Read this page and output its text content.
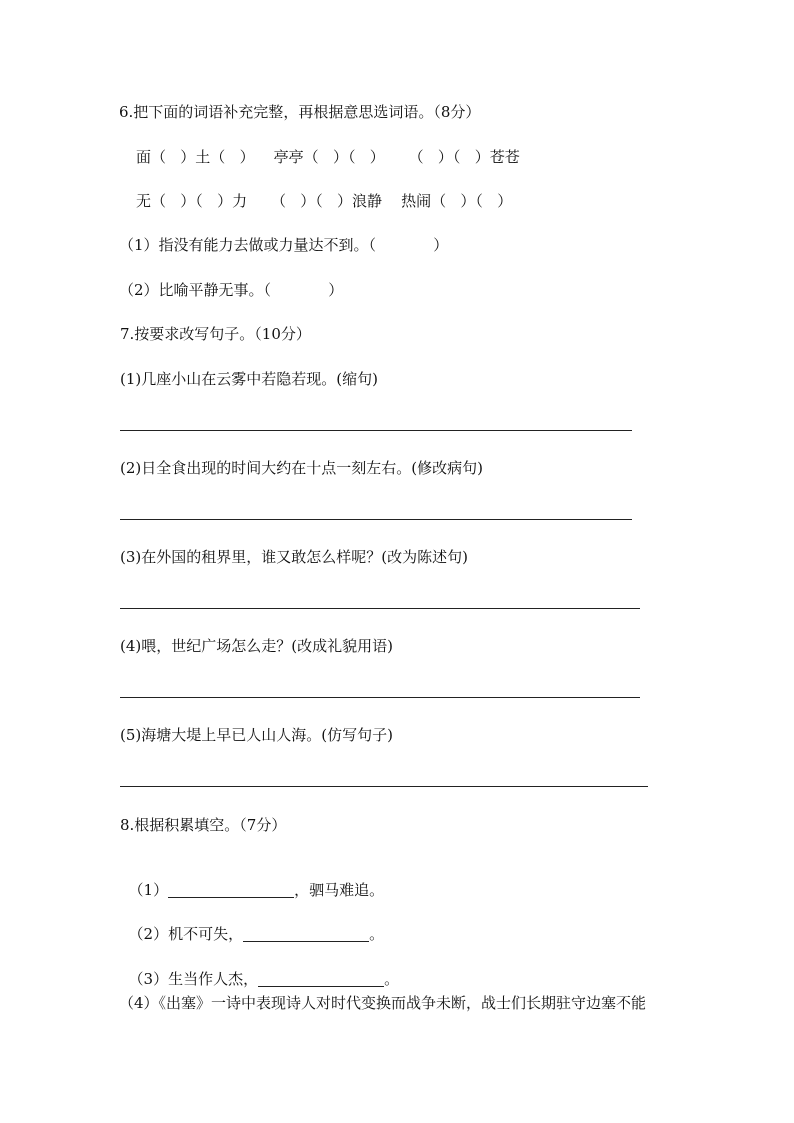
6.把下面的词语补充完整，再根据意思选词语。（8分）
面（   ）土（   ）    亭亭（   ）（   ）     （   ）（   ）苍苍
无（   ）（   ）力     （   ）（   ）浪静    热闹（   ）（   ）
（1）指没有能力去做或力量达不到。（            ）
（2）比喻平静无事。（            ）
7.按要求改写句子。（10分）
(1)几座小山在云雾中若隐若现。(缩句)
(2)日全食出现的时间大约在十点一刻左右。(修改病句)
(3)在外国的租界里，谁又敢怎么样呢？(改为陈述句)
(4)喂，世纪广场怎么走？(改成礼貌用语)
(5)海塘大堤上早已人山人海。(仿写句子)
8.根据积累填空。（7分）

（1）	，驷马难追。

（2）机不可失，	。

（3）生当作人杰，	。

（4）《出塞》一诗中表现诗人对时代变换而战争未断，战士们长期驻守边塞不能
